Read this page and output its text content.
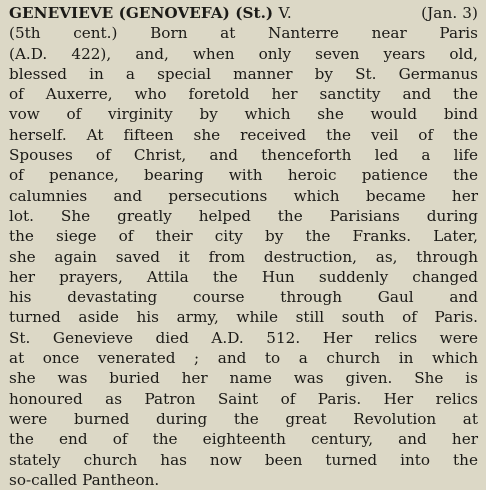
GENEVIEVE (GENOVEFA) (St.) V.	(Jan. 3)
(5th cent.) Born at Nanterre near Paris
(A.D. 422), and, when only seven years old,
blessed in a special manner by St. Germanus
of Auxerre, who foretold her sanctity and the
vow of virginity by which she would bind
herself. At fifteen she received the veil of the
Spouses of Christ, and thenceforth led a life
of penance, bearing with heroic patience the
calumnies and persecutions which became her
lot. She greatly helped the Parisians during
the siege of their city by the Franks. Later,
she again saved it from destruction, as, through
her prayers, Attila the Hun suddenly changed
his devastating course through Gaul and
turned aside his army, while still south of Paris.
St. Genevieve died A.D. 512. Her relics were
at once venerated ; and to a church in which
she was buried her name was given. She is
honoured as Patron Saint of Paris. Her relics
were burned during the great Revolution at
the end of the eighteenth century, and her
stately church has now been turned into the
so-called Pantheon.
